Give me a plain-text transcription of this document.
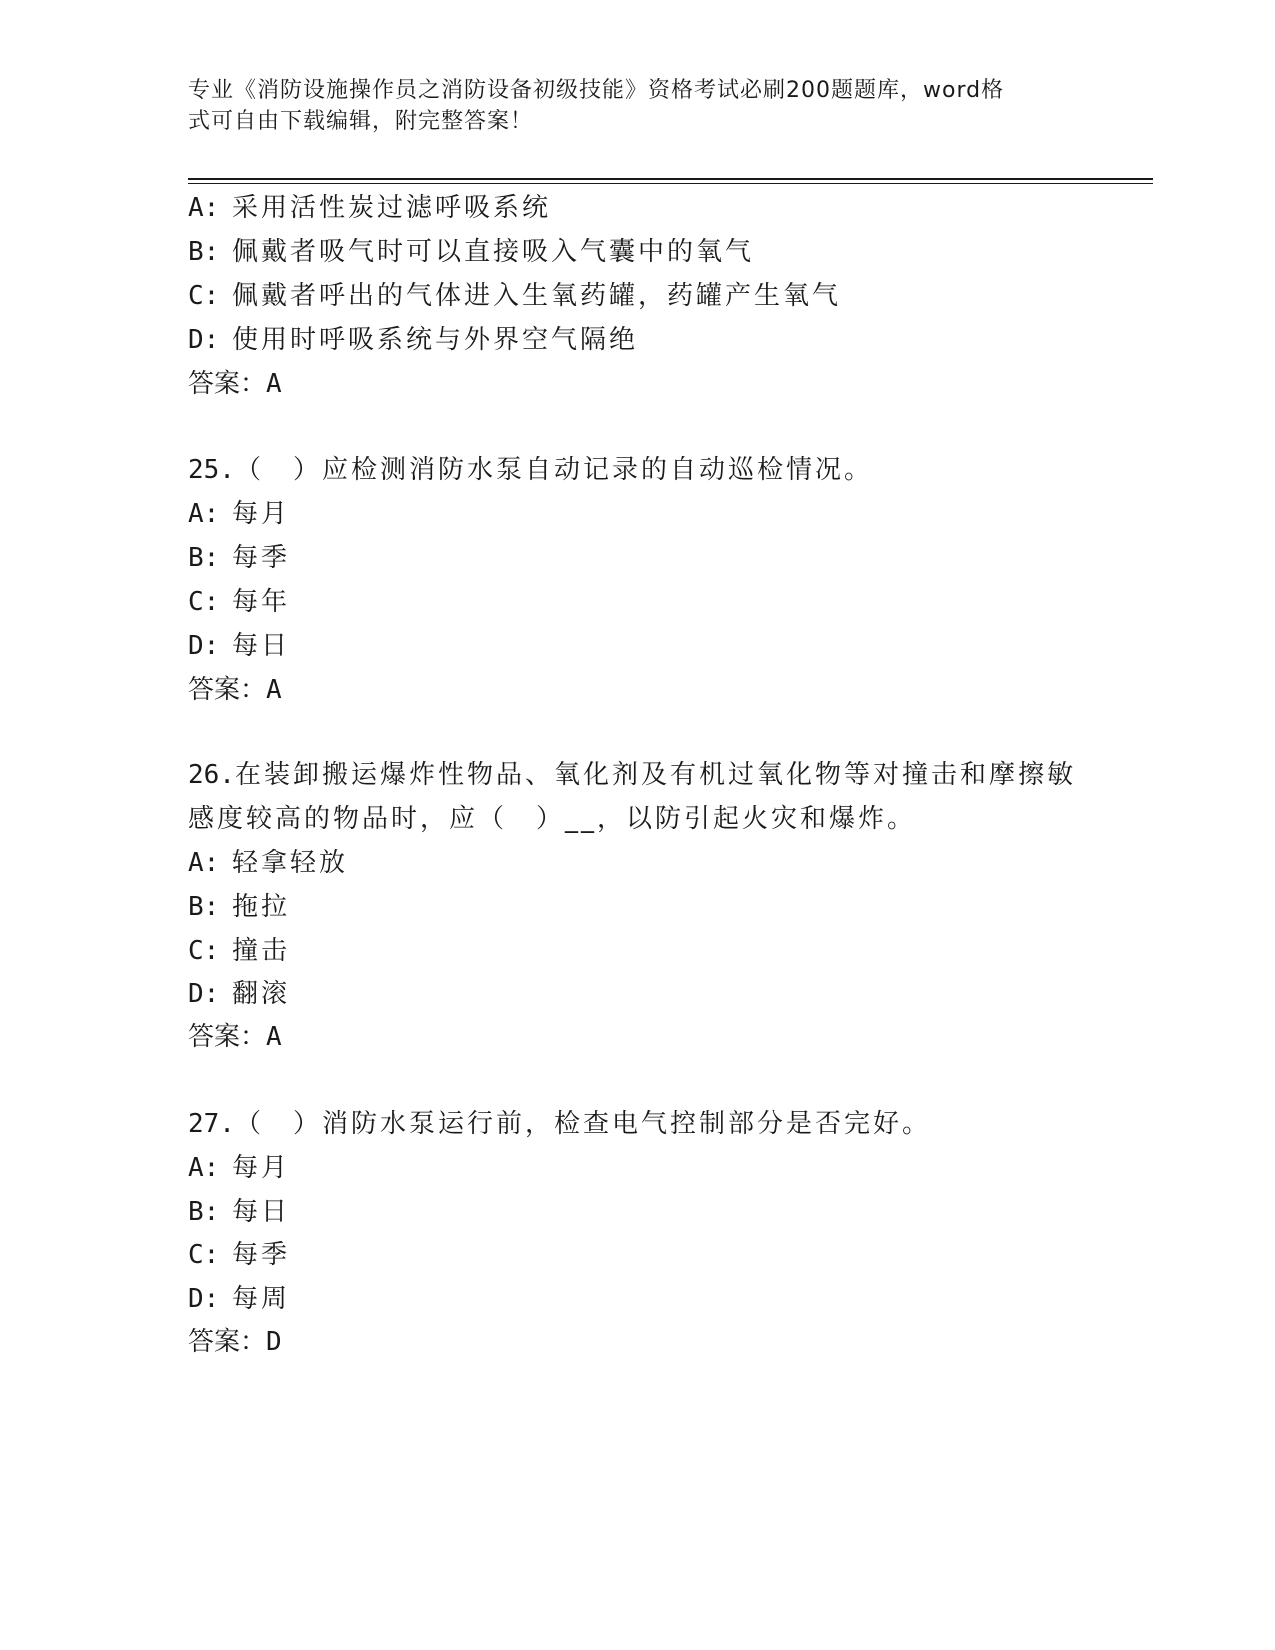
专业《消防设施操作员之消防设备初级技能》资格考试必刷200题题库，word格
式可自由下载编辑，附完整答案！
A: 采用活性炭过滤呼吸系统
B: 佩戴者吸气时可以直接吸入气囊中的氧气
C: 佩戴者呼出的气体进入生氧药罐，药罐产生氧气
D: 使用时呼吸系统与外界空气隔绝
答案：A
25.（　）应检测消防水泵自动记录的自动巡检情况。
A: 每月
B: 每季
C: 每年
D: 每日
答案：A
26.在装卸搬运爆炸性物品、氧化剂及有机过氧化物等对撞击和摩擦敏
感度较高的物品时，应（　）__，以防引起火灾和爆炸。
A: 轻拿轻放
B: 拖拉
C: 撞击
D: 翻滚
答案：A
27.（　）消防水泵运行前，检查电气控制部分是否完好。
A: 每月
B: 每日
C: 每季
D: 每周
答案：D
